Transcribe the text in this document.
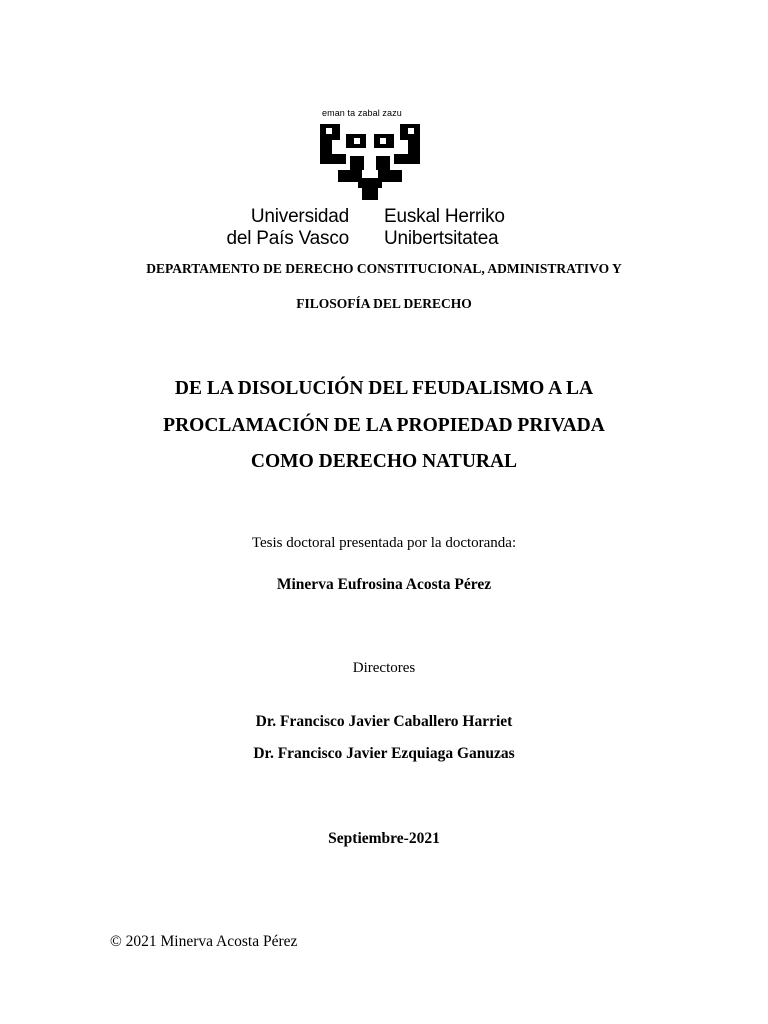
eman ta zabal zazu
Universidad
del País Vasco
Euskal Herriko
Unibertsitatea
DEPARTAMENTO DE DERECHO CONSTITUCIONAL, ADMINISTRATIVO Y
FILOSOFÍA DEL DERECHO
DE LA DISOLUCIÓN DEL FEUDALISMO A LA
PROCLAMACIÓN DE LA PROPIEDAD PRIVADA
COMO DERECHO NATURAL
Tesis doctoral presentada por la doctoranda:
Minerva Eufrosina Acosta Pérez
Directores
Dr. Francisco Javier Caballero Harriet
Dr. Francisco Javier Ezquiaga Ganuzas
Septiembre-2021
© 2021 Minerva Acosta Pérez
